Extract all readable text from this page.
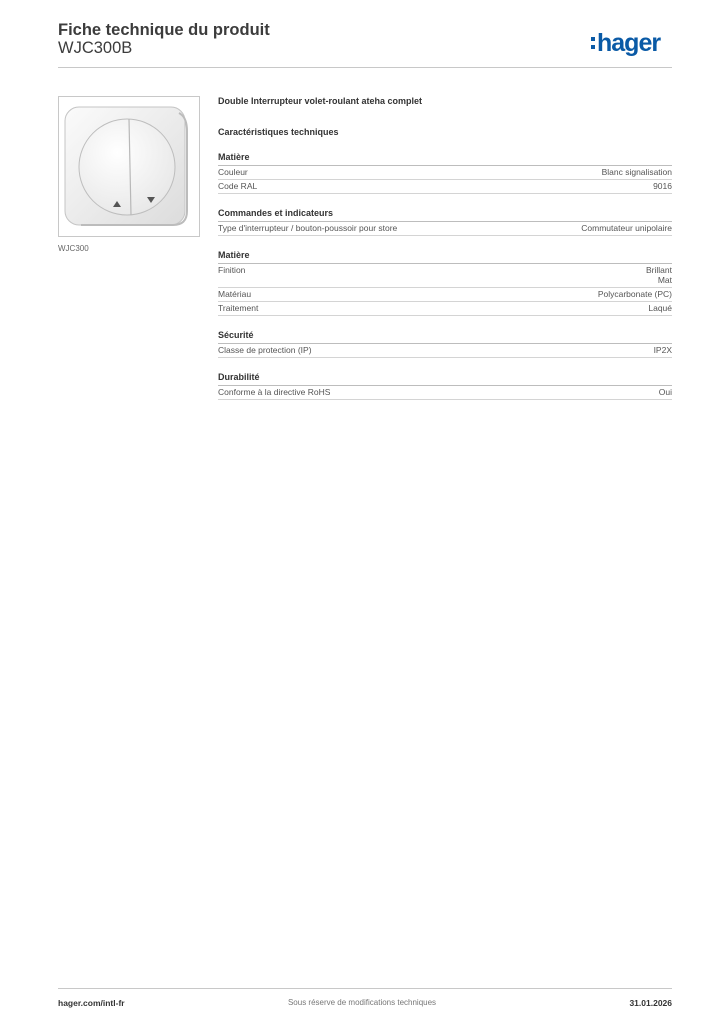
Fiche technique du produit
WJC300B	hager
WJC300

Double Interrupteur volet-roulant ateha complet

Caractéristiques techniques

Matière
Couleur	Blanc signalisation
Code RAL	9016
Commandes et indicateurs
Type d'interrupteur / bouton-poussoir pour store	Commutateur unipolaire
Matière
Finition	Brillant
Mat
Matériau	Polycarbonate (PC)
Traitement	Laqué
Sécurité
Classe de protection (IP)	IP2X
Durabilité
Conforme à la directive RoHS	Oui
Sous réserve de modifications techniques
hager.com/intl-fr	31.01.2026
